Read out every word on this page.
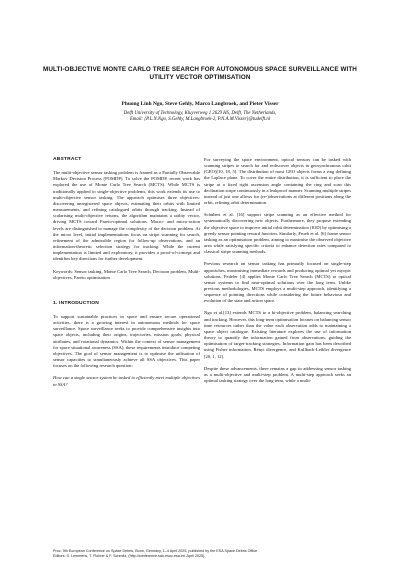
MULTI-OBJECTIVE MONTE CARLO TREE SEARCH FOR AUTONOMOUS SPACE SURVEILLANCE WITH UTILITY VECTOR OPTIMISATION
Phuong Linh Ngo, Steve Gehly, Marco Langbroek, and Pieter Visser
Delft University of Technology, Kluyverweg 1 2629 HS, Delft, The Netherlands,
Email: {P.L.N.Ngo, S.Gehly, M.Langbroek-2, P.N.A.M.Visser}@tudelft.nl
ABSTRACT

The multi-objective sensor tasking problem is framed as a Partially Observable Markov Decision Process (POMDP). To solve the POMDP, recent work has explored the use of Monte Carlo Tree Search (MCTS). While MCTS is traditionally applied to single-objective problems, this work extends its use to multi-objective sensor tasking. The approach optimises three objectives: discovering unregistered space objects, estimating their orbits with limited measurements, and refining catalogued orbits through tracking. Instead of scalarising multi-objective returns, the algorithm maintains a utility vector, driving MCTS toward Pareto-optimal solutions. Macro- and micro-action levels are distinguished to manage the complexity of the decision problem. At the micro level, initial implementations focus on stripe scanning for search, refinement of the admissible region for follow-up observations, and an information-theoretic selection strategy for tracking. While the current implementation is limited and exploratory, it provides a proof-of-concept and identifies key directions for further development.

Keywords: Sensor tasking, Monte Carlo Tree Search, Decision problem, Multi-objectives, Pareto optimisation.

1. INTRODUCTION

To support sustainable practices in space and ensure secure operational activities, there is a growing interest in autonomous methods for space surveillance. Space surveillance seeks to provide comprehensive insights into space objects, including their origins, trajectories, mission goals, physical attributes, and rotational dynamics. Within the context of sensor management for space situational awareness (SSA), these requirements introduce competing objectives. The goal of sensor management is to optimise the utilisation of sensor capacities to simultaneously achieve all SSA objectives. This paper focuses on the following research question:

How can a single sensor system be tasked to efficiently meet multiple objectives in SSA?

For surveying the space environment, optical sensors can be tasked with scanning stripes to search for and rediscover objects in geosynchronous orbit (GEO)[10, 18, 5]. The distribution of most GEO objects forms a ring defining the Laplace plane. To cover the entire distribution, it is sufficient to place the stripe at a fixed right ascension angle containing the ring and scan this declination stripe continuously in a leakproof manner. Scanning multiple stripes instead of just one allows for (re-)observations at different positions along the orbit, refining orbit determination.

Schubert et al. [16] support stripe scanning as an effective method for systematically discovering new objects. Furthermore, they propose extending the objective space to improve initial orbit determination (IOD) by optimising a greedy sensor pointing reward function. Similarly, Frueh et al. [6] frame sensor tasking as an optimisation problem, aiming to maximise the observed objective area while satisfying specific criteria to enhance detection rates compared to classical stripe scanning methods.

Previous research on sensor tasking has primarily focused on single-step approaches, maximising immediate rewards and producing optimal yet myopic solutions. Fedeler [4] applies Monte Carlo Tree Search (MCTS) to optical sensor systems to find near-optimal solutions over the long term. Unlike previous methodologies, MCTS employs a multi-step approach, identifying a sequence of pointing directions while considering the future behaviour and evolution of the state and action space.

Ngo et al.[13] extends MCTS to a bi-objective problem, balancing searching and tracking. However, this long-term optimisation focuses on balancing sensor time resources rather than the value each observation adds to maintaining a space object catalogue. Existing literature explores the use of information theory to quantify the information gained from observations, guiding the optimisation of target-tracking strategies. Information gain has been described using Fisher information, Rényi divergence, and Kullback-Leibler divergence [20, 1, 12].

Despite these advancements, there remains a gap in addressing sensor tasking as a multi-objective and multi-step problem. A multi-step approach seeks an optimal tasking strategy over the long term, while a multi-

Proc. 9th European Conference on Space Debris, Bonn, Germany, 1–4 April 2025, published by the ESA Space Debris Office
Editors: S. Lemmens, T. Flohrer & F. Schmitz, (http://conference.sdo.esoc.esa.int, April 2025)
